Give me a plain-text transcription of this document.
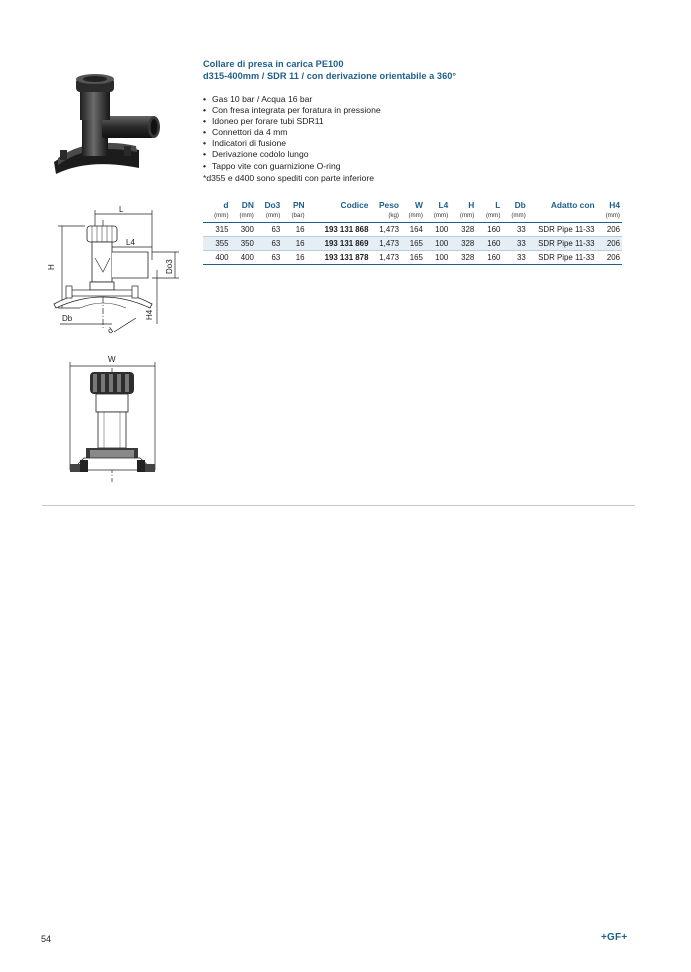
Collare di presa in carica PE100
d315-400mm / SDR 11 / con derivazione orientabile a 360°
• Gas 10 bar / Acqua 16 bar
• Con fresa integrata per foratura in pressione
• Idoneo per forare tubi SDR11
• Connettori da 4 mm
• Indicatori di fusione
• Derivazione codolo lungo
• Tappo vite con guarnizione O-ring
*d355 e d400 sono spediti con parte inferiore
d	DN	Do3	PN	Codice	Peso	W	L4	H	L	Db	Adatto con	H4
(mm)	(mm)	(mm)	(bar)		(kg)	(mm)	(mm)	(mm)	(mm)	(mm)		(mm)
315	300	63	16	193 131 868	1,473	164	100	328	160	33	SDR Pipe 11-33	206
355	350	63	16	193 131 869	1,473	165	100	328	160	33	SDR Pipe 11-33	206
400	400	63	16	193 131 878	1,473	165	100	328	160	33	SDR Pipe 11-33	206
L
L4
H	Do3
H4
Db
d
W
54	+GF+
